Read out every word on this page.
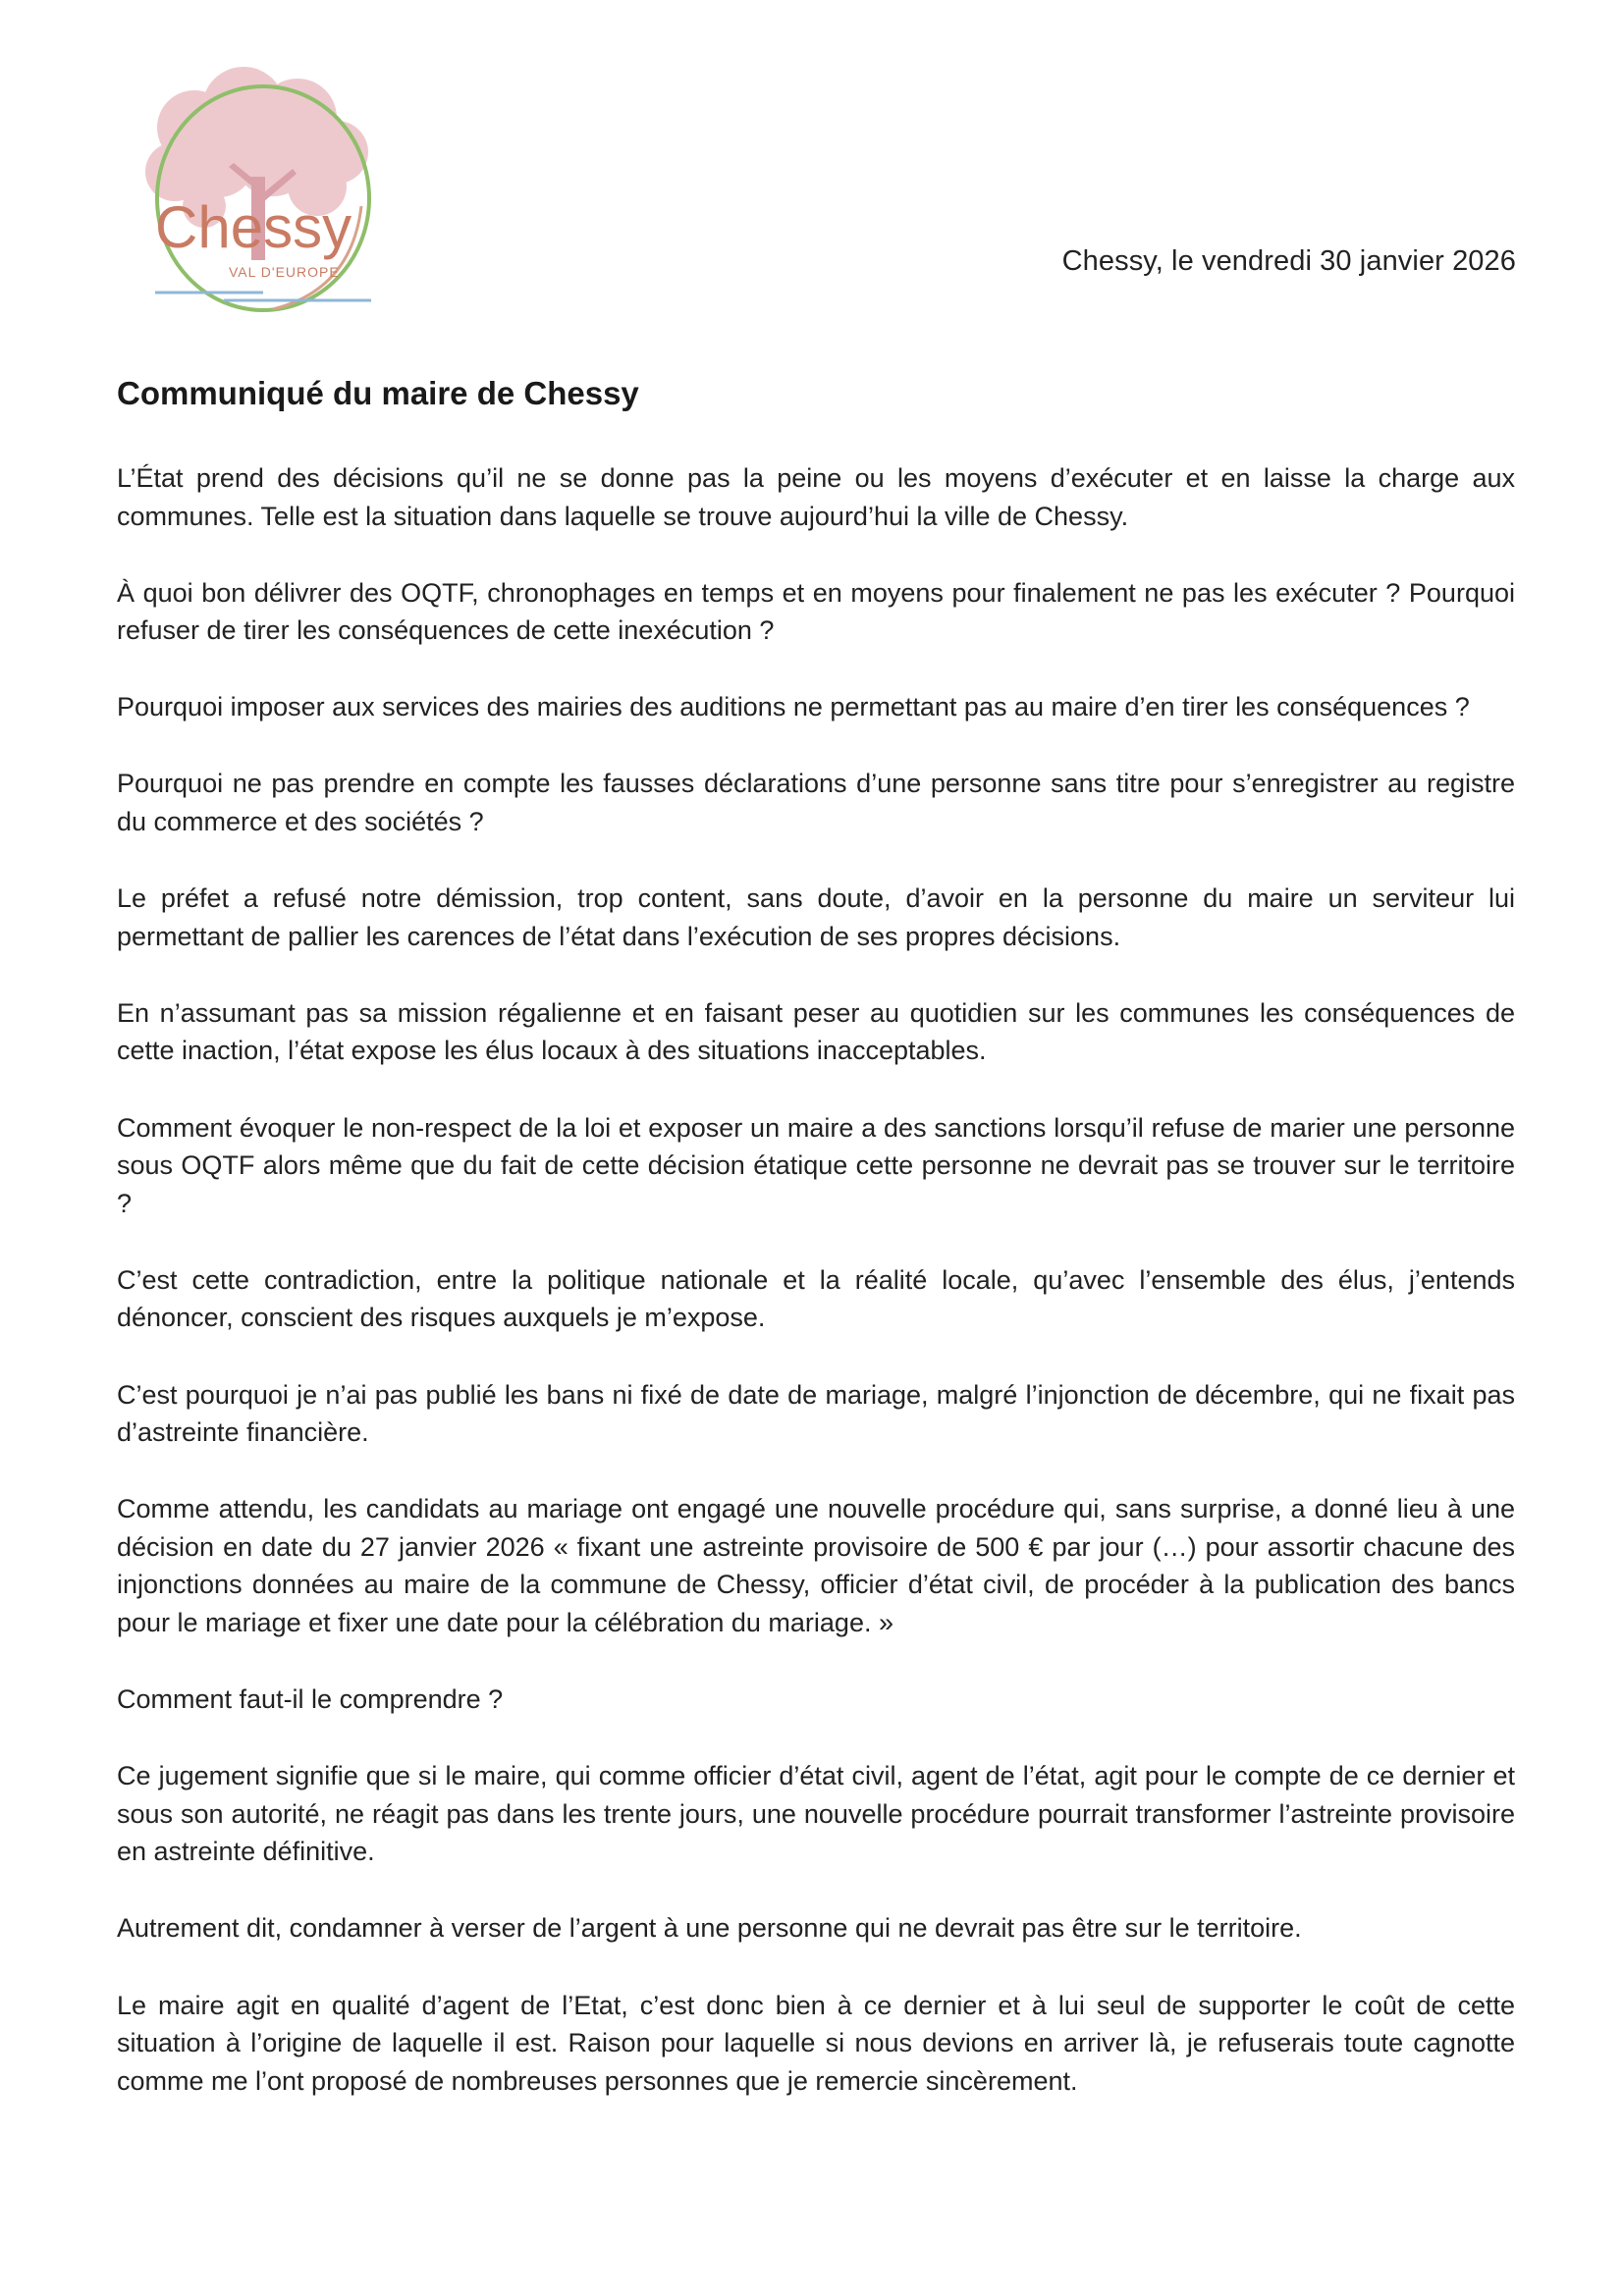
Chessy
VAL D'EUROPE	Chessy, le vendredi 30 janvier 2026
Communiqué du maire de Chessy

L’État prend des décisions qu’il ne se donne pas la peine ou les moyens d’exécuter et en laisse la charge aux communes. Telle est la situation dans laquelle se trouve aujourd’hui la ville de Chessy.

À quoi bon délivrer des OQTF, chronophages en temps et en moyens pour finalement ne pas les exécuter ? Pourquoi refuser de tirer les conséquences de cette inexécution ?

Pourquoi imposer aux services des mairies des auditions ne permettant pas au maire d’en tirer les conséquences ?

Pourquoi ne pas prendre en compte les fausses déclarations d’une personne sans titre pour s’enregistrer au registre du commerce et des sociétés ?

Le préfet a refusé notre démission, trop content, sans doute, d’avoir en la personne du maire un serviteur lui permettant de pallier les carences de l’état dans l’exécution de ses propres décisions.

En n’assumant pas sa mission régalienne et en faisant peser au quotidien sur les communes les conséquences de cette inaction, l’état expose les élus locaux à des situations inacceptables.

Comment évoquer le non-respect de la loi et exposer un maire a des sanctions lorsqu’il refuse de marier une personne sous OQTF alors même que du fait de cette décision étatique cette personne ne devrait pas se trouver sur le territoire ?

C’est cette contradiction, entre la politique nationale et la réalité locale, qu’avec l’ensemble des élus, j’entends dénoncer, conscient des risques auxquels je m’expose.

C’est pourquoi je n’ai pas publié les bans ni fixé de date de mariage, malgré l’injonction de décembre, qui ne fixait pas d’astreinte financière.

Comme attendu, les candidats au mariage ont engagé une nouvelle procédure qui, sans surprise, a donné lieu à une décision en date du 27 janvier 2026 « fixant une astreinte provisoire de 500 € par jour (…) pour assortir chacune des injonctions données au maire de la commune de Chessy, officier d’état civil, de procéder à la publication des bancs pour le mariage et fixer une date pour la célébration du mariage. »

Comment faut-il le comprendre ?

Ce jugement signifie que si le maire, qui comme officier d’état civil, agent de l’état, agit pour le compte de ce dernier et sous son autorité, ne réagit pas dans les trente jours, une nouvelle procédure pourrait transformer l’astreinte provisoire en astreinte définitive.

Autrement dit, condamner à verser de l’argent à une personne qui ne devrait pas être sur le territoire.

Le maire agit en qualité d’agent de l’Etat, c’est donc bien à ce dernier et à lui seul de supporter le coût de cette situation à l’origine de laquelle il est. Raison pour laquelle si nous devions en arriver là, je refuserais toute cagnotte comme me l’ont proposé de nombreuses personnes que je remercie sincèrement.
